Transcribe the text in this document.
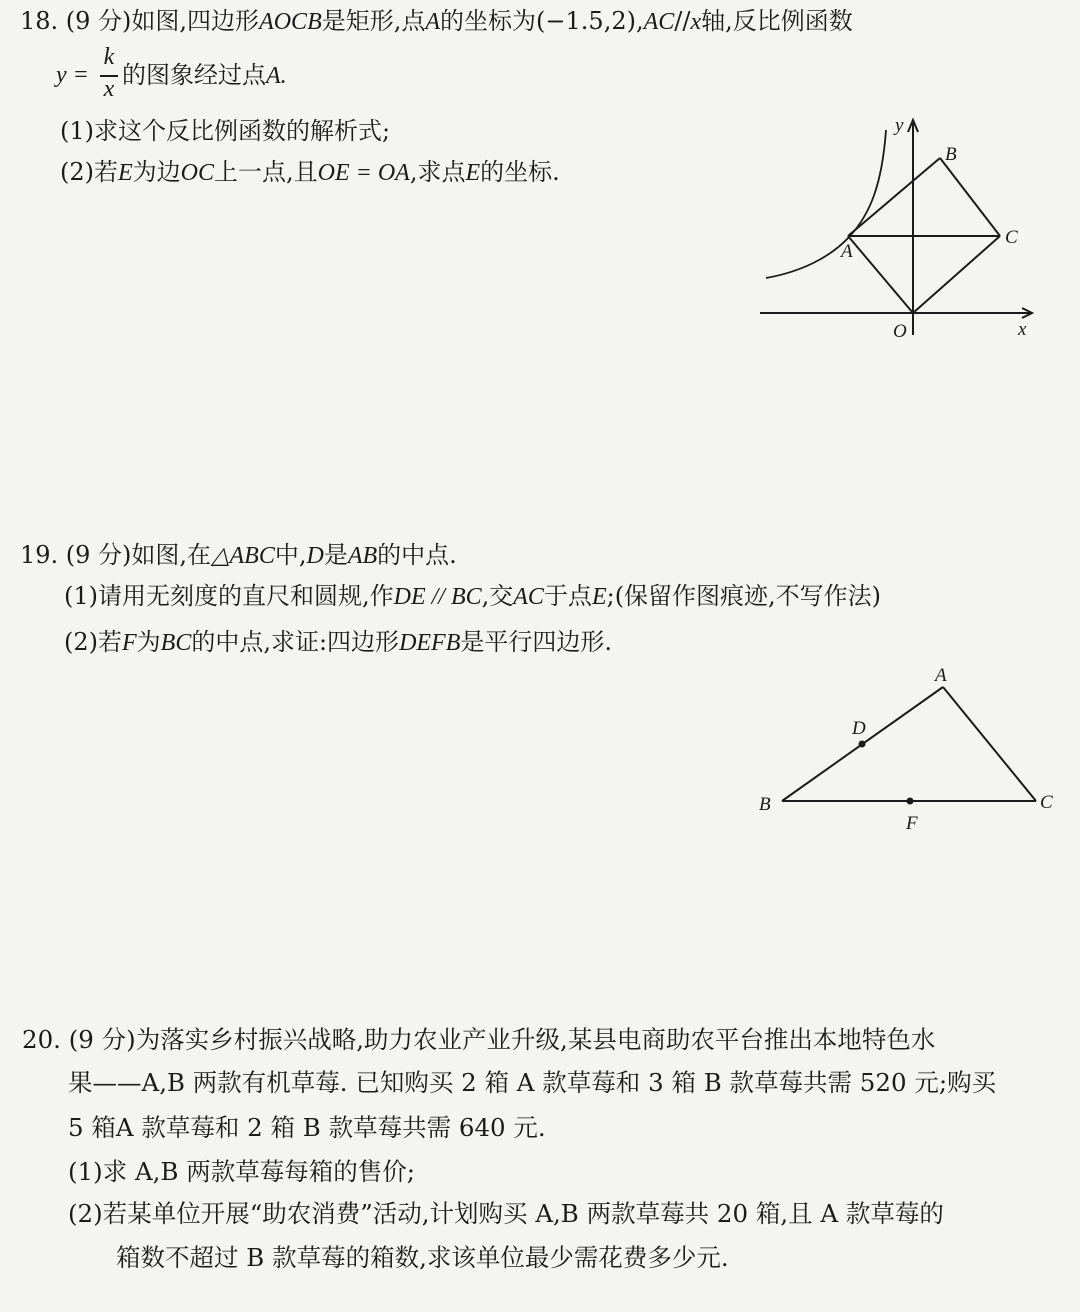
18. (9 分)如图,四边形AOCB是矩形,点A的坐标为(−1.5,2),AC//x轴,反比例函数
y =
k
x 的图象经过点A.
(1)求这个反比例函数的解析式;
(2)若E为边OC上一点,且OE = OA,求点E的坐标.
y
B
A
C
O	x
19. (9 分)如图,在△ABC中,D是AB的中点.
(1)请用无刻度的直尺和圆规,作DE // BC,交AC于点E;(保留作图痕迹,不写作法)
(2)若F为BC的中点,求证:四边形DEFB是平行四边形.
A
D
B	C
F
20. (9 分)为落实乡村振兴战略,助力农业产业升级,某县电商助农平台推出本地特色水
果——A,B 两款有机草莓. 已知购买 2 箱 A 款草莓和 3 箱 B 款草莓共需 520 元;购买
5 箱A 款草莓和 2 箱 B 款草莓共需 640 元.
(1)求 A,B 两款草莓每箱的售价;
(2)若某单位开展“助农消费”活动,计划购买 A,B 两款草莓共 20 箱,且 A 款草莓的
箱数不超过 B 款草莓的箱数,求该单位最少需花费多少元.
